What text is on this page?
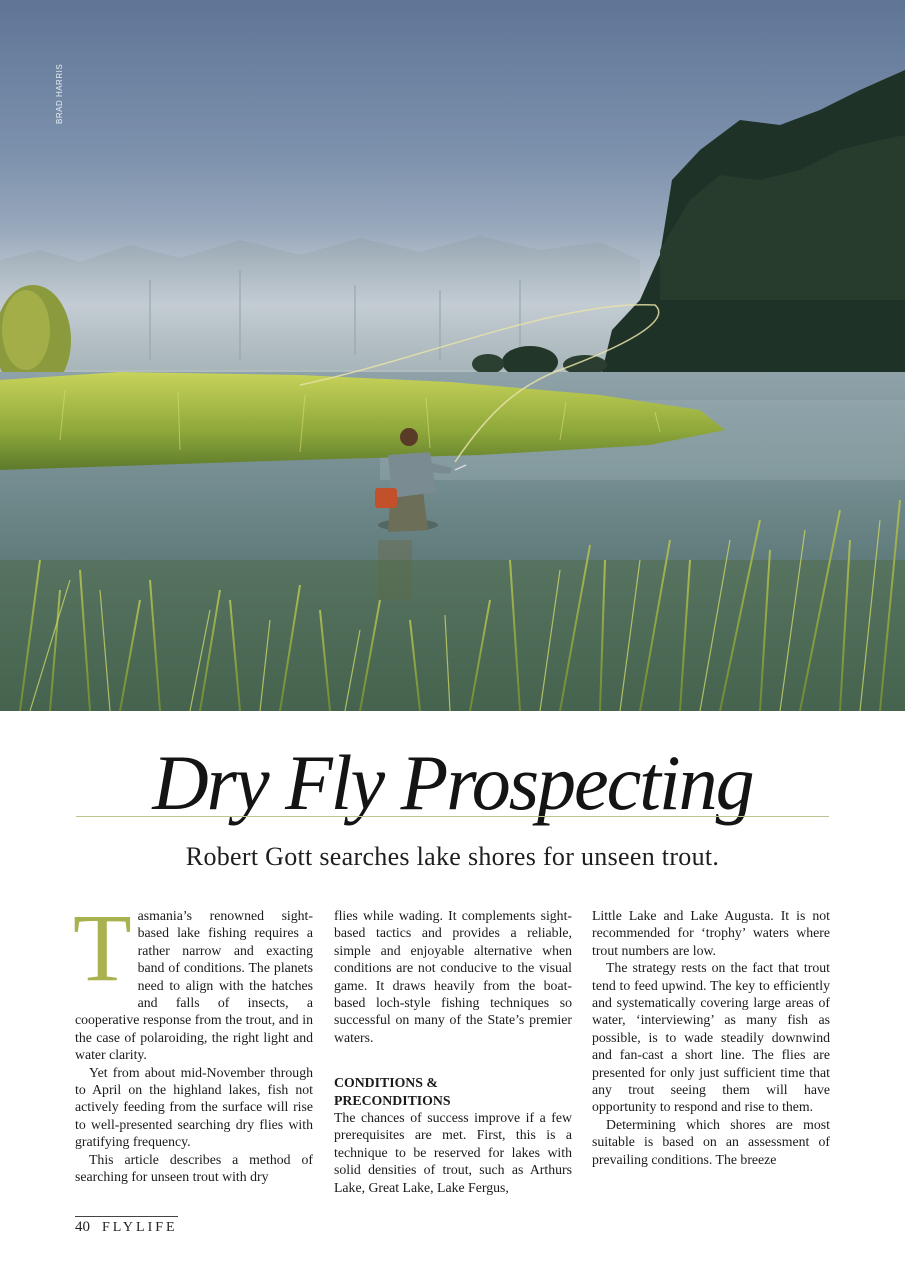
BRAD HARRIS
Dry Fly Prospecting
Robert Gott searches lake shores for unseen trout.

Tasmania’s renowned sight-based lake fishing requires a rather narrow and exacting band of conditions. The planets need to align with the hatches and falls of insects, a cooperative response from the trout, and in the case of polaroiding, the right light and water clarity.

Yet from about mid-November through to April on the highland lakes, fish not actively feeding from the surface will rise to well-presented searching dry flies with gratifying frequency.

This article describes a method of searching for unseen trout with dry

flies while wading. It complements sight-based tactics and provides a reliable, simple and enjoyable alternative when conditions are not conducive to the visual game. It draws heavily from the boat-based loch-style fishing techniques so successful on many of the State’s premier waters.

CONDITIONS &
PRECONDITIONS

The chances of success improve if a few prerequisites are met. First, this is a technique to be reserved for lakes with solid densities of trout, such as Arthurs Lake, Great Lake, Lake Fergus,

Little Lake and Lake Augusta. It is not recommended for ‘trophy’ waters where trout numbers are low.

The strategy rests on the fact that trout tend to feed upwind. The key to efficiently and systematically covering large areas of water, ‘interviewing’ as many fish as possible, is to wade steadily downwind and fan-cast a short line. The flies are presented for only just sufficient time that any trout seeing them will have opportunity to respond and rise to them.

Determining which shores are most suitable is based on an assessment of prevailing conditions. The breeze

40 FLYLIFE
